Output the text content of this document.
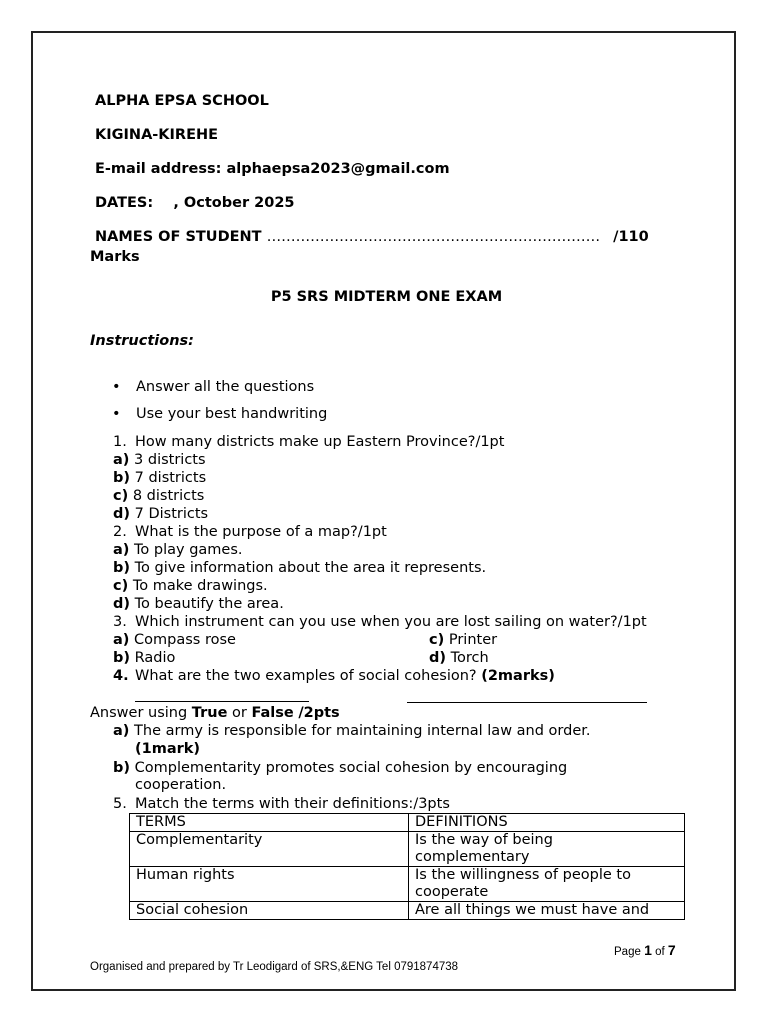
ALPHA EPSA SCHOOL
KIGINA-KIREHE
E-mail address: alphaepsa2023@gmail.com
DATES:    , October 2025
NAMES OF STUDENT …………………………………………………………… /110
Marks
P5 SRS MIDTERM ONE EXAM
Instructions:
• Answer all the questions
• Use your best handwriting
1. How many districts make up Eastern Province?/1pt
a) 3 districts
b) 7 districts
c) 8 districts
d) 7 Districts
2. What is the purpose of a map?/1pt
a) To play games.
b) To give information about the area it represents.
c) To make drawings.
d) To beautify the area.
3. Which instrument can you use when you are lost sailing on water?/1pt
a) Compass rose	c) Printer
b) Radio	d) Torch
4. What are the two examples of social cohesion? (2marks)
Answer using True or False /2pts
a) The army is responsible for maintaining internal law and order.
(1mark)
b) Complementarity promotes social cohesion by encouraging
cooperation.
5. Match the terms with their definitions:/3pts
TERMS	DEFINITIONS
Complementarity	Is the way of being
complementary

Human rights	Is the willingness of people to
cooperate

Social cohesion	Are all things we must have and
Page 1 of 7
Organised and prepared by Tr Leodigard of SRS,&ENG Tel 0791874738
